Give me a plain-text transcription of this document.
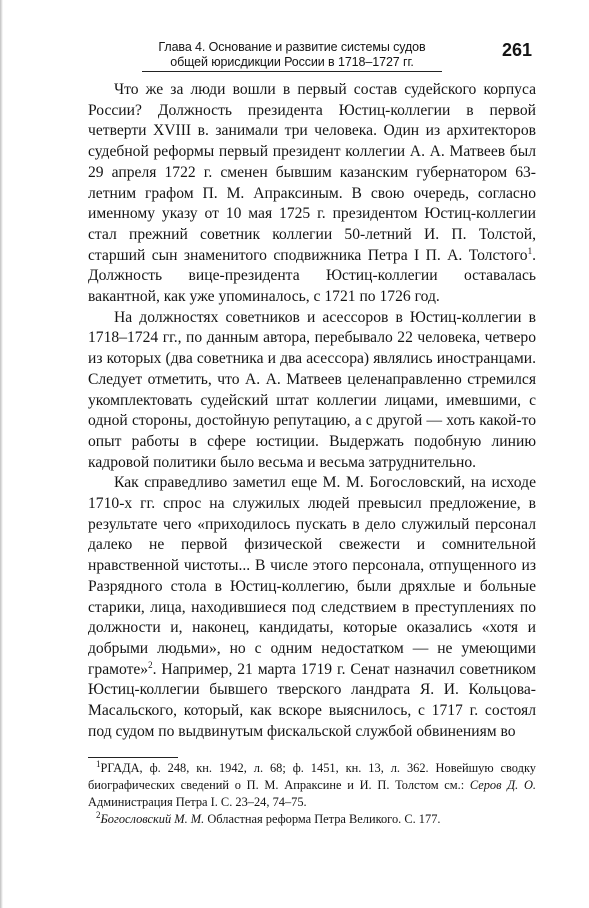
Глава 4. Основание и развитие системы судов

общей юрисдикции России в 1718–1727 гг.
261

Что же за люди вошли в первый состав судейского корпуса России? Должность президента Юстиц-коллегии в первой четверти XVIII в. занимали три человека. Один из архитекторов судебной реформы первый президент коллегии А. А. Матвеев был 29 апреля 1722 г. сменен бывшим казанским губернатором 63-летним графом П. М. Апраксиным. В свою очередь, согласно именному указу от 10 мая 1725 г. президентом Юстиц-коллегии стал прежний советник коллегии 50-летний И. П. Толстой, старший сын знаменитого сподвижника Петра I П. А. Толстого$^1$. Должность вице-президента Юстиц-коллегии оставалась вакантной, как уже упоминалось, с 1721 по 1726 год.

На должностях советников и асессоров в Юстиц-коллегии в 1718–1724 гг., по данным автора, перебывало 22 человека, четверо из которых (два советника и два асессора) являлись иностранцами. Следует отметить, что А. А. Матвеев целенаправленно стремился укомплектовать судейский штат коллегии лицами, имевшими, с одной стороны, достойную репутацию, а с другой — хоть какой-то опыт работы в сфере юстиции. Выдержать подобную линию кадровой политики было весьма и весьма затруднительно.

Как справедливо заметил еще М. М. Богословский, на исходе 1710-х гг. спрос на служилых людей превысил предложение, в результате чего «приходилось пускать в дело служилый персонал далеко не первой физической свежести и сомнительной нравственной чистоты... В числе этого персонала, отпущенного из Разрядного стола в Юстиц-коллегию, были дряхлые и больные старики, лица, находившиеся под следствием в преступлениях по должности и, наконец, кандидаты, которые оказались «хотя и добрыми людьми», но с одним недостатком — не умеющими грамоте»$^2$. Например, 21 марта 1719 г. Сенат назначил советником Юстиц-коллегии бывшего тверского ландрата Я. И. Кольцова-Масальского, который, как вскоре выяснилось, с 1717 г. состоял под судом по выдвинутым фискальской службой обвинениям во

$^1$РГАДА, ф. 248, кн. 1942, л. 68; ф. 1451, кн. 13, л. 362. Новейшую сводку биографических сведений о П. М. Апраксине и И. П. Толстом см.: Серов Д. О. Администрация Петра I. С. 23–24, 74–75.

$^2$Богословский М. М. Областная реформа Петра Великого. С. 177.
